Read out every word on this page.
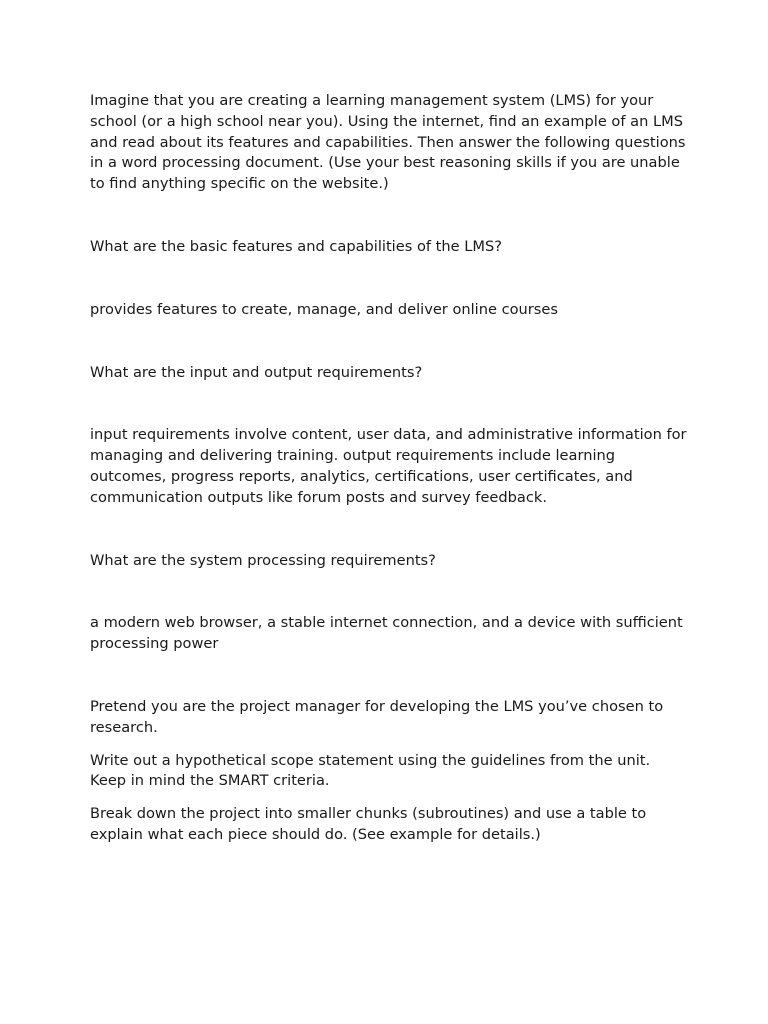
Imagine that you are creating a learning management system (LMS) for your school (or a high school near you). Using the internet, find an example of an LMS and read about its features and capabilities. Then answer the following questions in a word processing document. (Use your best reasoning skills if you are unable to find anything specific on the website.)

What are the basic features and capabilities of the LMS?

provides features to create, manage, and deliver online courses

What are the input and output requirements?

input requirements involve content, user data, and administrative information for managing and delivering training. output requirements include learning outcomes, progress reports, analytics, certifications, user certificates, and communication outputs like forum posts and survey feedback.

What are the system processing requirements?

a modern web browser, a stable internet connection, and a device with sufficient processing power

Pretend you are the project manager for developing the LMS you’ve chosen to research.

Write out a hypothetical scope statement using the guidelines from the unit. Keep in mind the SMART criteria.

Break down the project into smaller chunks (subroutines) and use a table to explain what each piece should do. (See example for details.)
